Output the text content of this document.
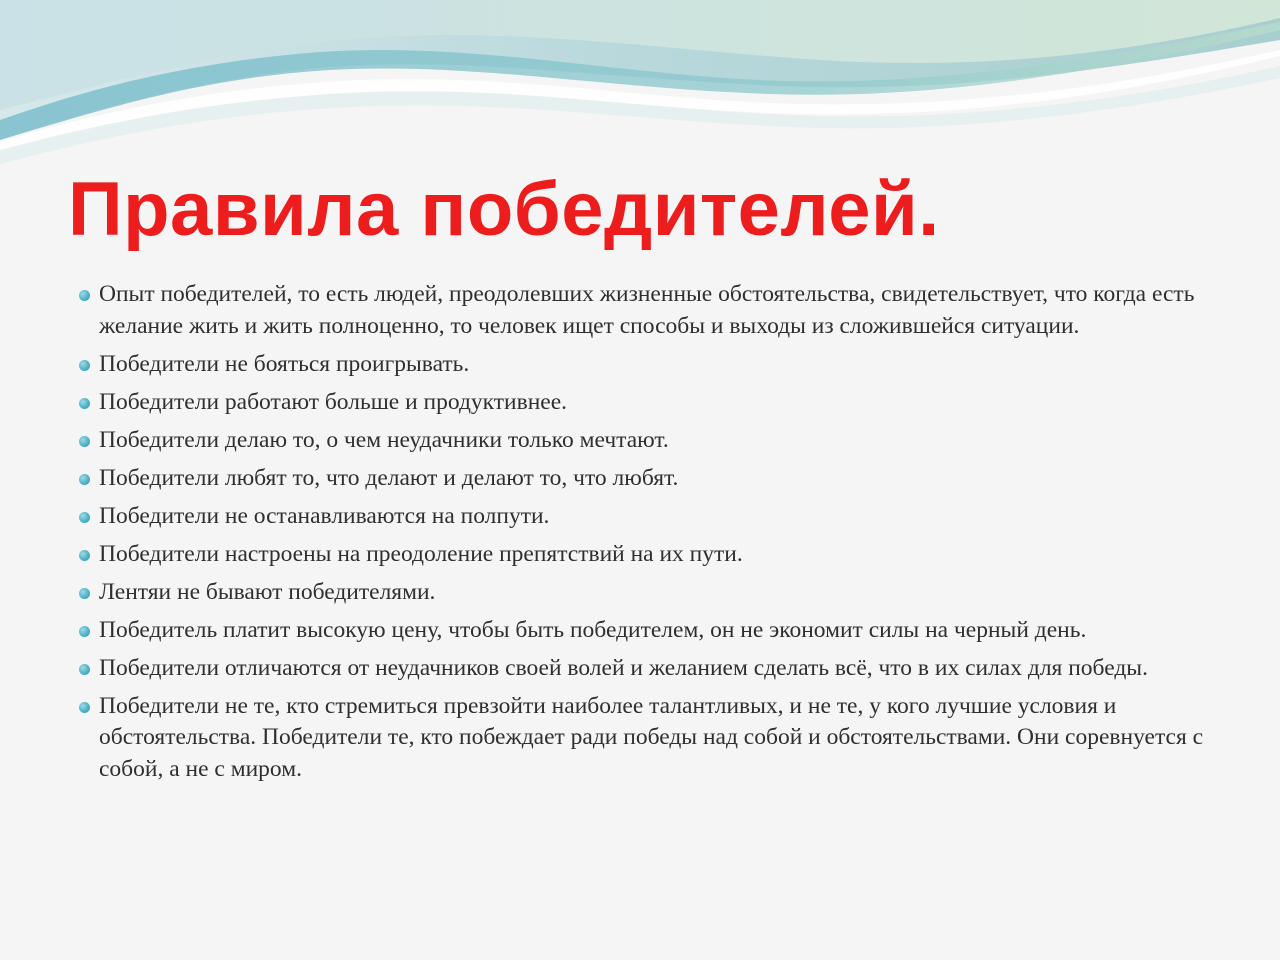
Правила победителей.
Опыт победителей, то есть людей, преодолевших жизненные обстоятельства, свидетельствует, что когда есть желание жить и жить полноценно, то человек ищет способы и выходы из сложившейся ситуации.
Победители не бояться проигрывать.
Победители работают больше и продуктивнее.
Победители делаю то, о чем неудачники только мечтают.
Победители любят то, что делают и делают то, что любят.
Победители не останавливаются на полпути.
Победители настроены на преодоление препятствий на их пути.
Лентяи не бывают победителями.
Победитель платит высокую цену, чтобы быть победителем, он не экономит силы на черный день.
Победители отличаются от неудачников своей волей и желанием сделать всё, что в их силах для победы.
Победители не те, кто стремиться превзойти наиболее талантливых, и не те, у кого лучшие условия и обстоятельства. Победители те, кто побеждает ради победы над собой и обстоятельствами. Они соревнуется с собой, а не с миром.
